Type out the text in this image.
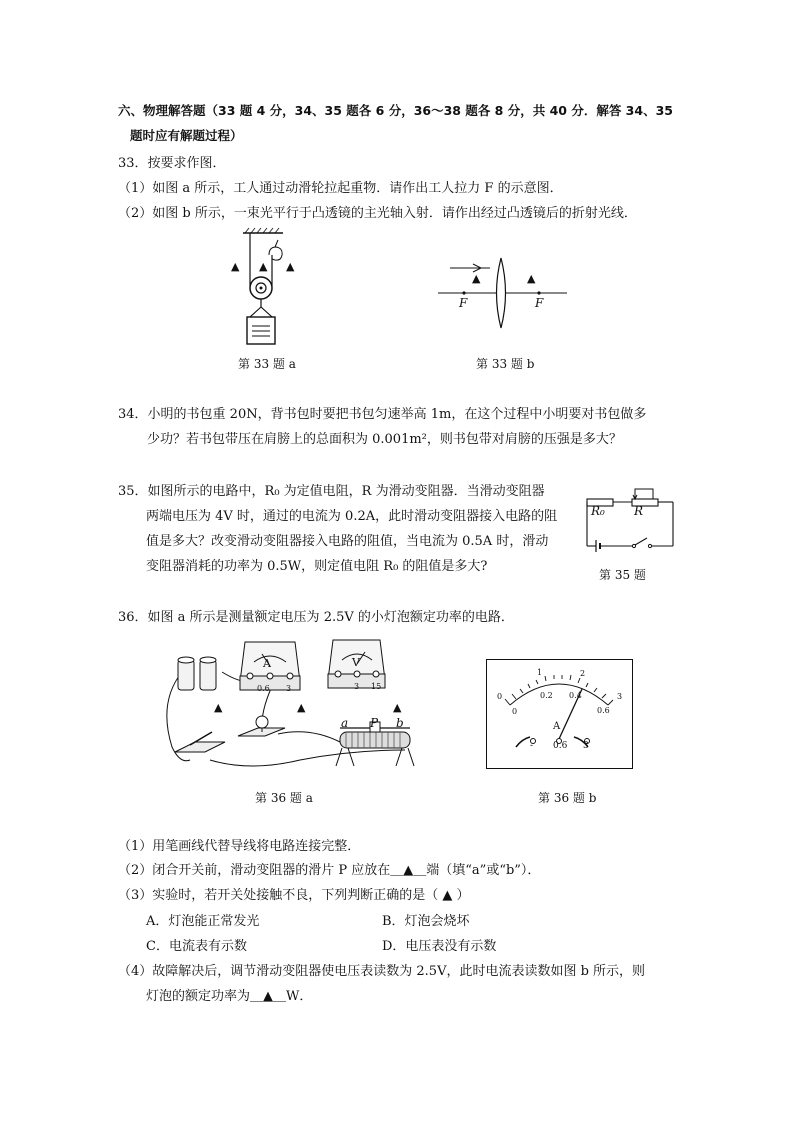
六、物理解答题（33 题 4 分，34、35 题各 6 分，36～38 题各 8 分，共 40 分．解答 34、35
题时应有解题过程）
33．按要求作图．
（1）如图 a 所示，工人通过动滑轮拉起重物．请作出工人拉力 F 的示意图．
（2）如图 b 所示，一束光平行于凸透镜的主光轴入射．请作出经过凸透镜后的折射光线．
▲ ▲ ▲
第 33 题 a
▲	▲
F	F
第 33 题 b
34．小明的书包重 20N，背书包时要把书包匀速举高 1m，在这个过程中小明要对书包做多
少功？若书包带压在肩膀上的总面积为 0.001m²，则书包带对肩膀的压强是多大？
35．如图所示的电路中，R₀ 为定值电阻，R 为滑动变阻器．当滑动变阻器
两端电压为 4V 时，通过的电流为 0.2A，此时滑动变阻器接入电路的阻
值是多大？改变滑动变阻器接入电路的阻值，当电流为 0.5A 时，滑动
变阻器消耗的功率为 0.5W，则定值电阻 R₀ 的阻值是多大?
R₀ R
第 35 题
36．如图 a 所示是测量额定电压为 2.5V 的小灯泡额定功率的电路．
A	V
0.6 3	3 15
▲	▲	▲
a P b
第 36 题 a
0
1	2
3
0
0.2 0.4
0.6
A
- 0.6 3
第 36 题 b
（1）用笔画线代替导线将电路连接完整．
（2）闭合开关前，滑动变阻器的滑片 P 应放在＿▲＿端（填“a”或“b”）．
（3）实验时，若开关处接触不良，下列判断正确的是（ ▲ ）
A．灯泡能正常发光	B．灯泡会烧坏
C．电流表有示数	D．电压表没有示数
（4）故障解决后，调节滑动变阻器使电压表读数为 2.5V，此时电流表读数如图 b 所示，则
灯泡的额定功率为＿▲＿W．
